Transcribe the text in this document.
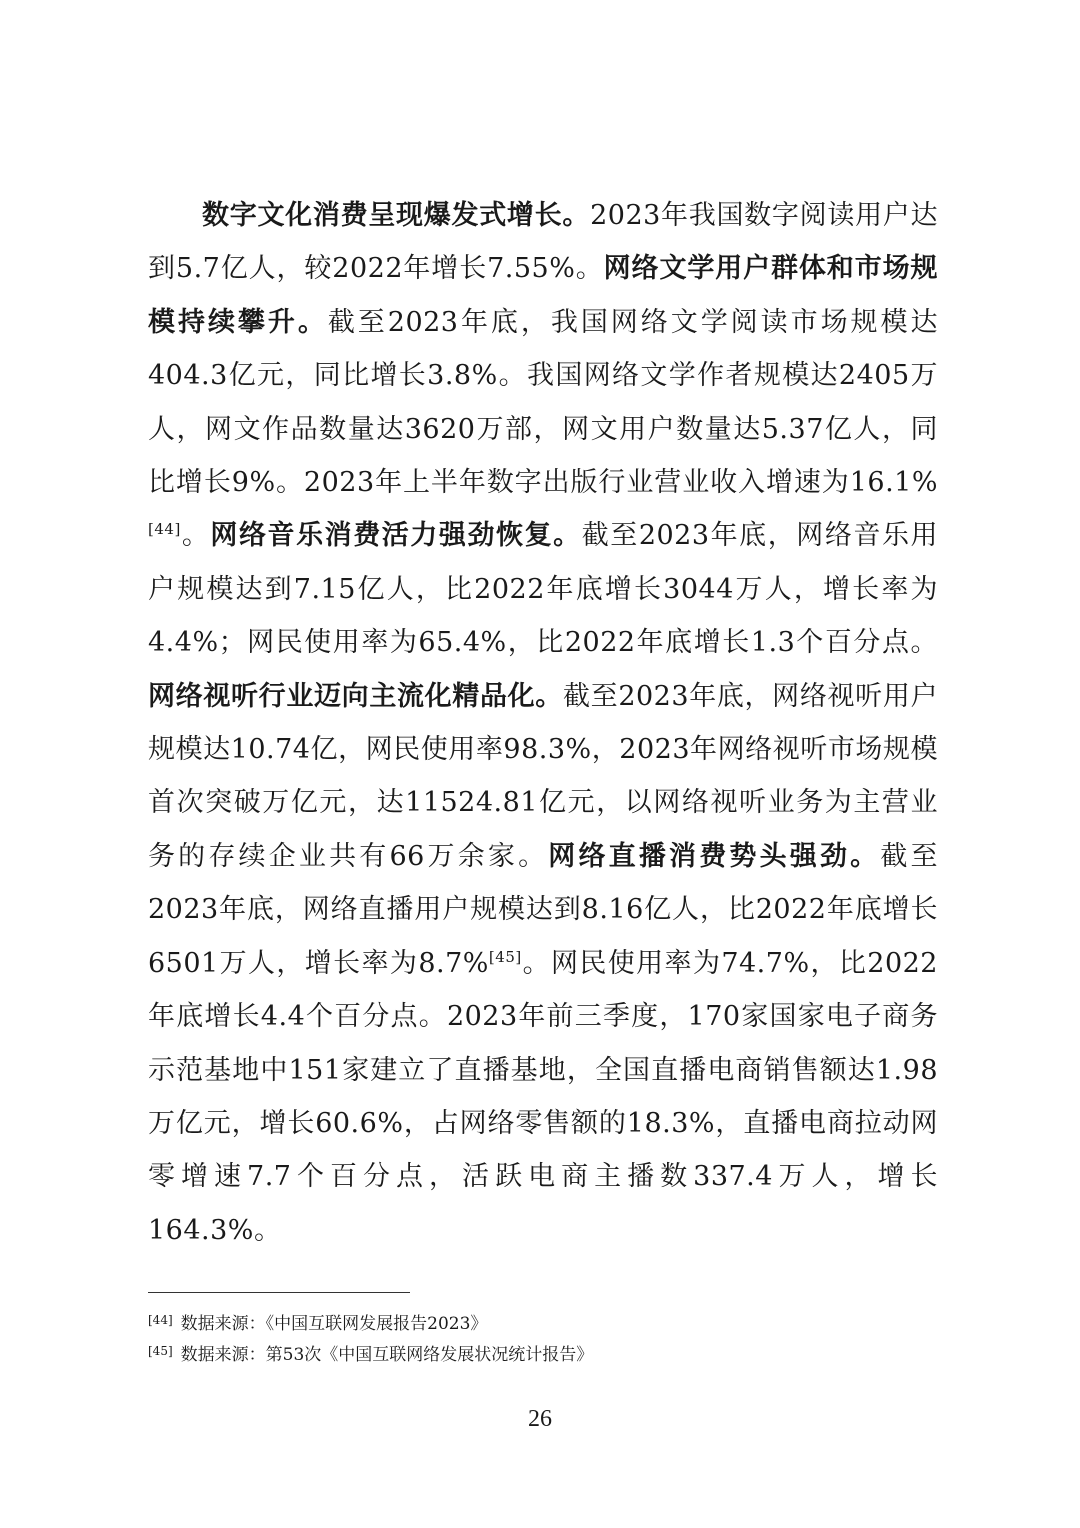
数字文化消费呈现爆发式增长。2023年我国数字阅读用户达到5.7亿人，较2022年增长7.55%。网络文学用户群体和市场规模持续攀升。截至2023年底，我国网络文学阅读市场规模达404.3亿元，同比增长3.8%。我国网络文学作者规模达2405万人，网文作品数量达3620万部，网文用户数量达5.37亿人，同比增长9%。2023年上半年数字出版行业营业收入增速为16.1%[44]。网络音乐消费活力强劲恢复。截至2023年底，网络音乐用户规模达到7.15亿人，比2022年底增长3044万人，增长率为4.4%；网民使用率为65.4%，比2022年底增长1.3个百分点。网络视听行业迈向主流化精品化。截至2023年底，网络视听用户规模达10.74亿，网民使用率98.3%，2023年网络视听市场规模首次突破万亿元，达11524.81亿元，以网络视听业务为主营业务的存续企业共有66万余家。网络直播消费势头强劲。截至2023年底，网络直播用户规模达到8.16亿人，比2022年底增长6501万人，增长率为8.7%[45]。网民使用率为74.7%，比2022年底增长4.4个百分点。2023年前三季度，170家国家电子商务示范基地中151家建立了直播基地，全国直播电商销售额达1.98万亿元，增长60.6%，占网络零售额的18.3%，直播电商拉动网零增速7.7个百分点，活跃电商主播数337.4万人，增长164.3%。

[44] 数据来源：《中国互联网发展报告2023》
[45] 数据来源：第53次《中国互联网络发展状况统计报告》
26
